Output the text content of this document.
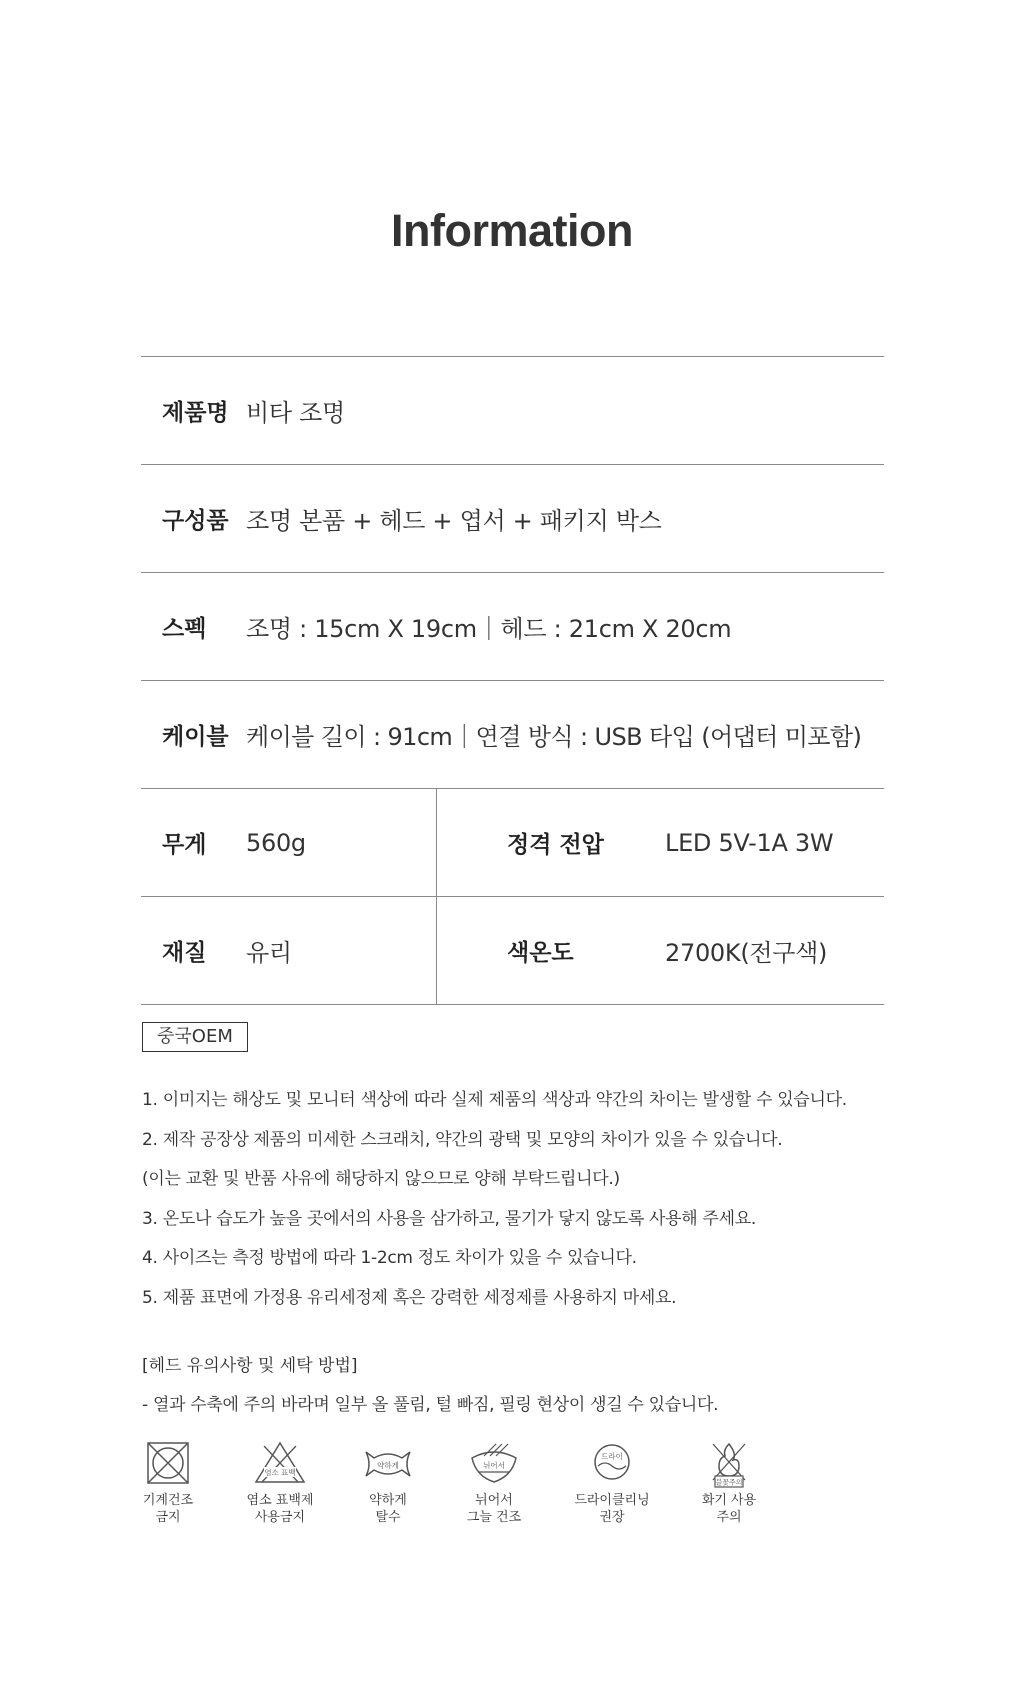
Information
제품명 비타 조명
구성품 조명 본품 + 헤드 + 엽서 + 패키지 박스
스펙	조명 : 15cm X 19cm｜헤드 : 21cm X 20cm
케이블 케이블 길이 : 91cm｜연결 방식 : USB 타입 (어댑터 미포함)
무게	560g	정격 전압	LED 5V-1A 3W
재질	유리	색온도	2700K(전구색)
중국OEM
1. 이미지는 해상도 및 모니터 색상에 따라 실제 제품의 색상과 약간의 차이는 발생할 수 있습니다.
2. 제작 공장상 제품의 미세한 스크래치, 약간의 광택 및 모양의 차이가 있을 수 있습니다.
(이는 교환 및 반품 사유에 해당하지 않으므로 양해 부탁드립니다.)
3. 온도나 습도가 높을 곳에서의 사용을 삼가하고, 물기가 닿지 않도록 사용해 주세요.
4. 사이즈는 측정 방법에 따라 1-2cm 정도 차이가 있을 수 있습니다.
5. 제품 표면에 가정용 유리세정제 혹은 강력한 세정제를 사용하지 마세요.
[헤드 유의사항 및 세탁 방법]
- 열과 수축에 주의 바라며 일부 올 풀림, 털 빠짐, 필링 현상이 생길 수 있습니다.
기계건조
금지
염소 표백
염소 표백제
사용금지
약하게
약하게
탈수
뉘어서
뉘어서
그늘 건조
드라이
드라이클리닝
권장
불꽃주의
화기 사용
주의
